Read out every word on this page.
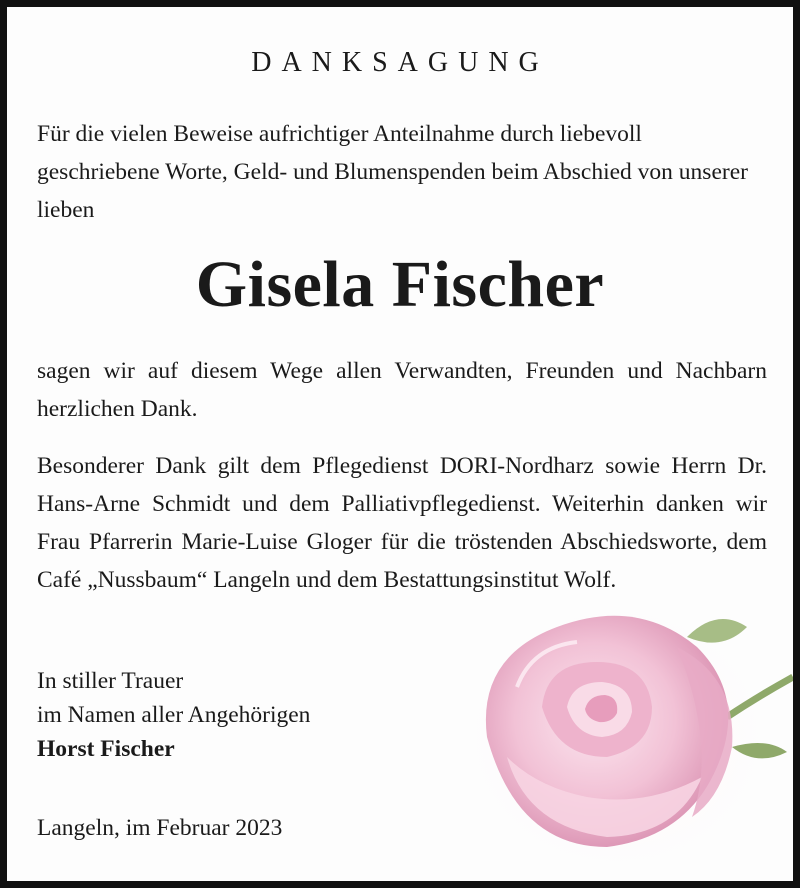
DANKSAGUNG
Für die vielen Beweise aufrichtiger Anteilnahme durch liebevoll geschriebene Worte, Geld- und Blumenspenden beim Abschied von unserer lieben
Gisela Fischer
sagen wir auf diesem Wege allen Verwandten, Freunden und Nachbarn herzlichen Dank.
Besonderer Dank gilt dem Pflegedienst DORI-Nordharz sowie Herrn Dr. Hans-Arne Schmidt und dem Palliativpflegedienst. Weiterhin danken wir Frau Pfarrerin Marie-Luise Gloger für die tröstenden Abschiedsworte, dem Café „Nussbaum“ Langeln und dem Bestattungsinstitut Wolf.
In stiller Trauer
im Namen aller Angehörigen
Horst Fischer
Langeln, im Februar 2023
